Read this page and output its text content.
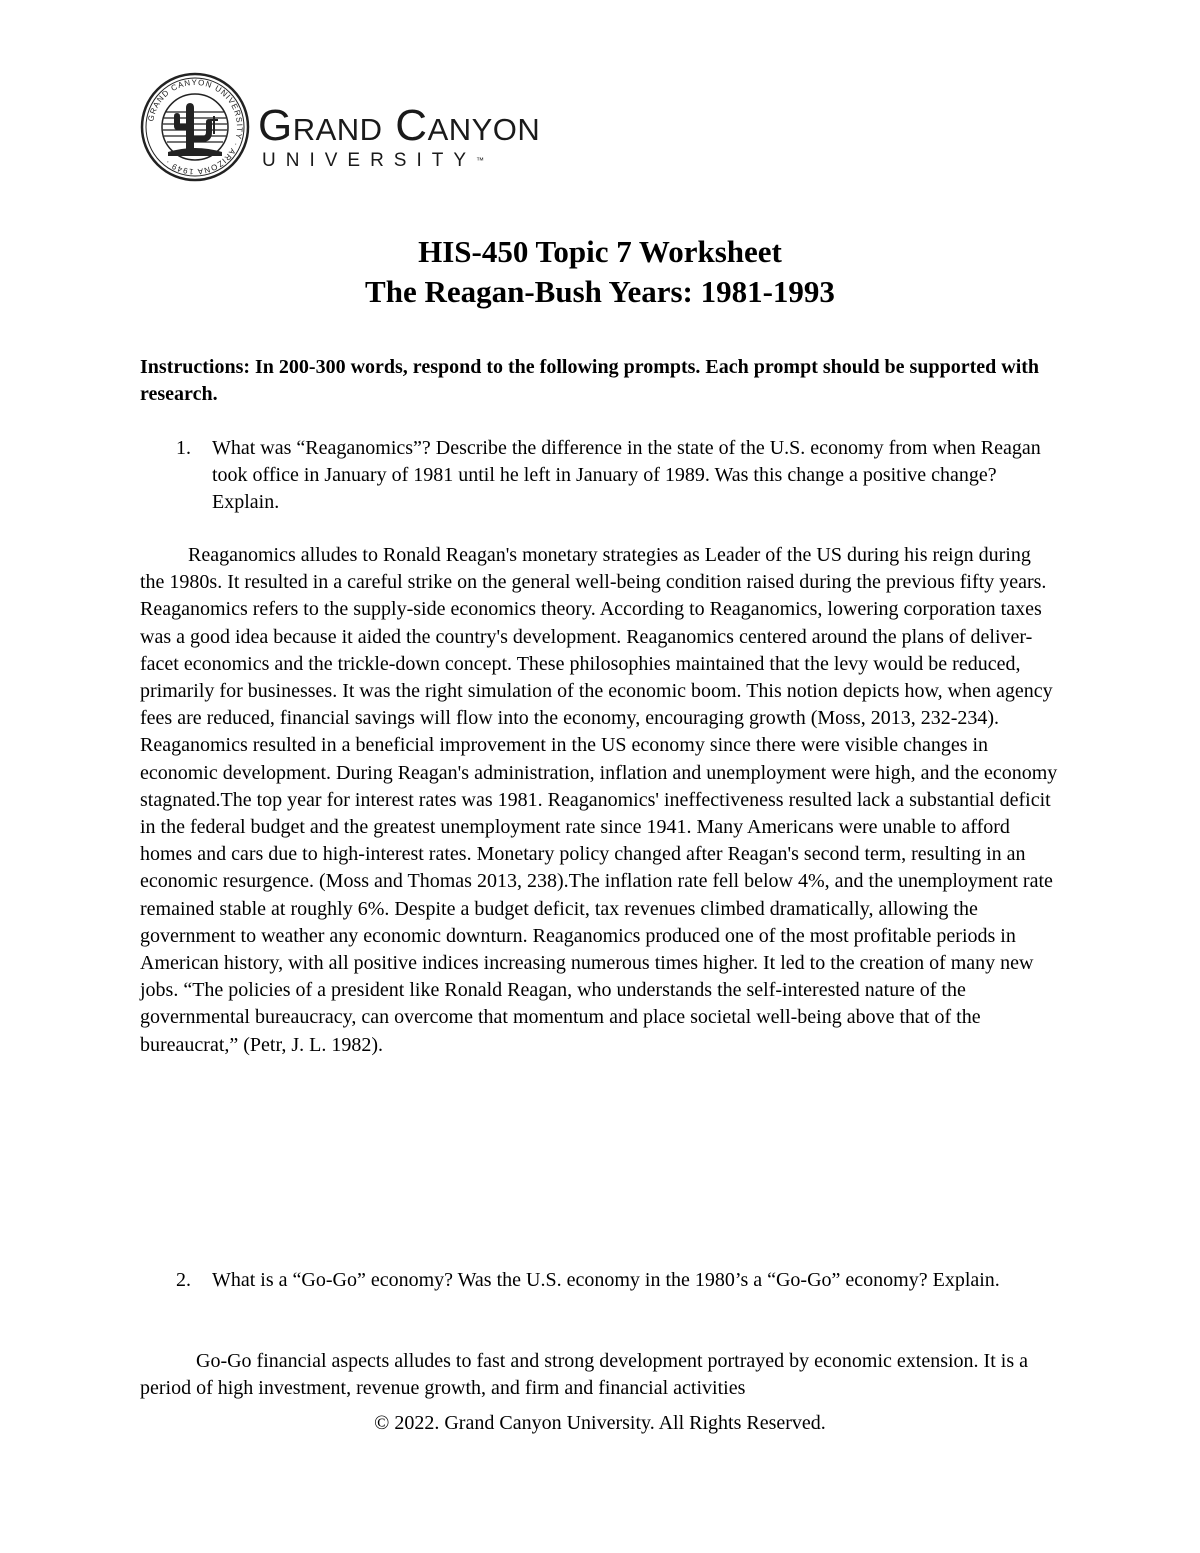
GRAND CANYON UNIVERSITY · ARIZONA 1949 ·
Grand Canyon
UNIVERSITY™
HIS-450 Topic 7 Worksheet
The Reagan-Bush Years: 1981-1993

Instructions: In 200-300 words, respond to the following prompts. Each prompt should be supported with research.

1. What was “Reaganomics”? Describe the difference in the state of the U.S. economy from when Reagan took office in January of 1981 until he left in January of 1989. Was this change a positive change? Explain.

Reaganomics alludes to Ronald Reagan's monetary strategies as Leader of the US during his reign during the 1980s. It resulted in a careful strike on the general well-being condition raised during the previous fifty years. Reaganomics refers to the supply-side economics theory. According to Reaganomics, lowering corporation taxes was a good idea because it aided the country's development. Reaganomics centered around the plans of deliver-facet economics and the trickle-down concept. These philosophies maintained that the levy would be reduced, primarily for businesses. It was the right simulation of the economic boom. This notion depicts how, when agency fees are reduced, financial savings will flow into the economy, encouraging growth (Moss, 2013, 232-234). Reaganomics resulted in a beneficial improvement in the US economy since there were visible changes in economic development. During Reagan's administration, inflation and unemployment were high, and the economy stagnated.The top year for interest rates was 1981. Reaganomics' ineffectiveness resulted lack a substantial deficit in the federal budget and the greatest unemployment rate since 1941. Many Americans were unable to afford homes and cars due to high-interest rates. Monetary policy changed after Reagan's second term, resulting in an economic resurgence. (Moss and Thomas 2013, 238).The inflation rate fell below 4%, and the unemployment rate remained stable at roughly 6%. Despite a budget deficit, tax revenues climbed dramatically, allowing the government to weather any economic downturn. Reaganomics produced one of the most profitable periods in American history, with all positive indices increasing numerous times higher. It led to the creation of many new jobs. “The policies of a president like Ronald Reagan, who understands the self-interested nature of the governmental bureaucracy, can overcome that momentum and place societal well-being above that of the bureaucrat,” (Petr, J. L. 1982).

2. What is a “Go-Go” economy? Was the U.S. economy in the 1980’s a “Go-Go” economy? Explain.

Go-Go financial aspects alludes to fast and strong development portrayed by economic extension. It is a period of high investment, revenue growth, and firm and financial activities

© 2022. Grand Canyon University. All Rights Reserved.
